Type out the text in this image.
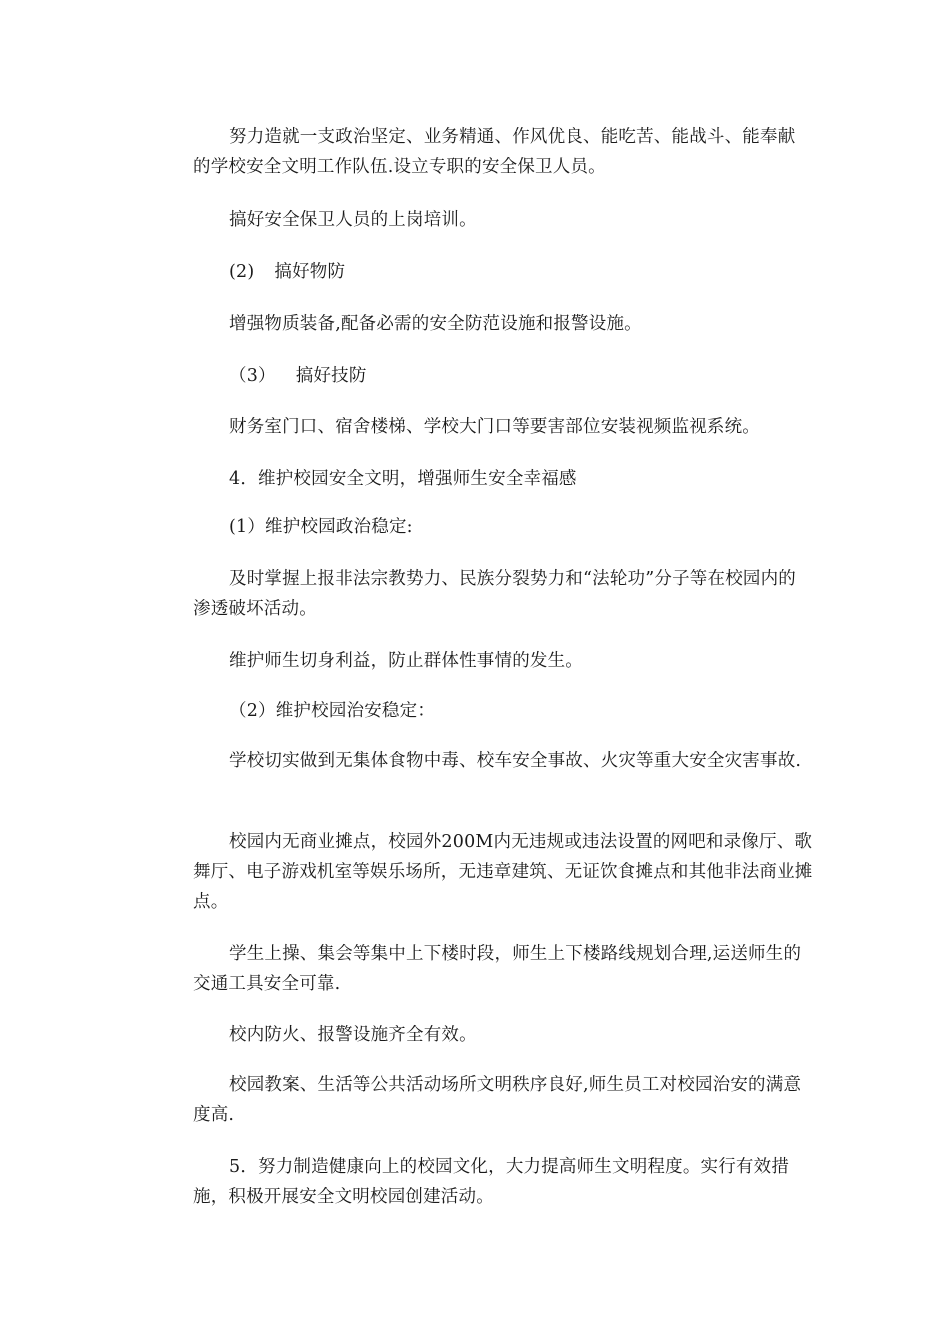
努力造就一支政治坚定、业务精通、作风优良、能吃苦、能战斗、能奉献的学校安全文明工作队伍.设立专职的安全保卫人员。

搞好安全保卫人员的上岗培训。

(2) 搞好物防

增强物质装备,配备必需的安全防范设施和报警设施。

（3） 搞好技防

财务室门口、宿舍楼梯、学校大门口等要害部位安装视频监视系统。

4．维护校园安全文明，增强师生安全幸福感

(1）维护校园政治稳定:

及时掌握上报非法宗教势力、民族分裂势力和“法轮功”分子等在校园内的渗透破坏活动。

维护师生切身利益，防止群体性事情的发生。

（2）维护校园治安稳定：

学校切实做到无集体食物中毒、校车安全事故、火灾等重大安全灾害事故.

校园内无商业摊点，校园外200M内无违规或违法设置的网吧和录像厅、歌舞厅、电子游戏机室等娱乐场所，无违章建筑、无证饮食摊点和其他非法商业摊点。

学生上操、集会等集中上下楼时段，师生上下楼路线规划合理,运送师生的交通工具安全可靠.

校内防火、报警设施齐全有效。

校园教案、生活等公共活动场所文明秩序良好,师生员工对校园治安的满意度高.

5．努力制造健康向上的校园文化，大力提高师生文明程度。实行有效措施，积极开展安全文明校园创建活动。
